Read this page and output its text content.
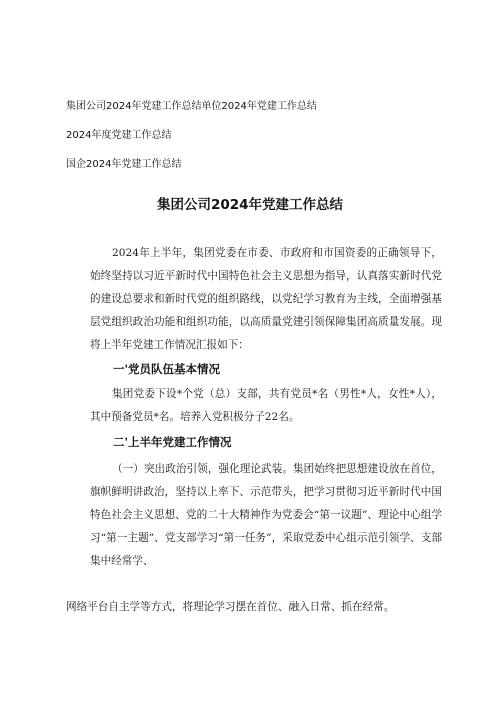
集团公司2024年党建工作总结单位2024年党建工作总结
2024年度党建工作总结
国企2024年党建工作总结
集团公司2024年党建工作总结

2024年上半年，集团党委在市委、市政府和市国资委的正确领导下，始终坚持以习近平新时代中国特色社会主义思想为指导，认真落实新时代党的建设总要求和新时代党的组织路线，以党纪学习教育为主线，全面增强基层党组织政治功能和组织功能，以高质量党建引领保障集团高质量发展。现将上半年党建工作情况汇报如下：

一'党员队伍基本情况

集团党委下设*个党（总）支部，共有党员*名（男性*人，女性*人），其中预备党员*名。培养入党积极分子22名。

二'上半年党建工作情况

（一）突出政治引领，强化理论武装。集团始终把思想建设放在首位，旗帜鲜明讲政治，坚持以上率下、示范带头，把学习贯彻习近平新时代中国特色社会主义思想、党的二十大精神作为党委会“第一议题”、理论中心组学习“第一主题”、党支部学习“第一任务”，采取党委中心组示范引领学、支部集中经常学、

网络平台自主学等方式，将理论学习摆在首位、融入日常、抓在经常。
